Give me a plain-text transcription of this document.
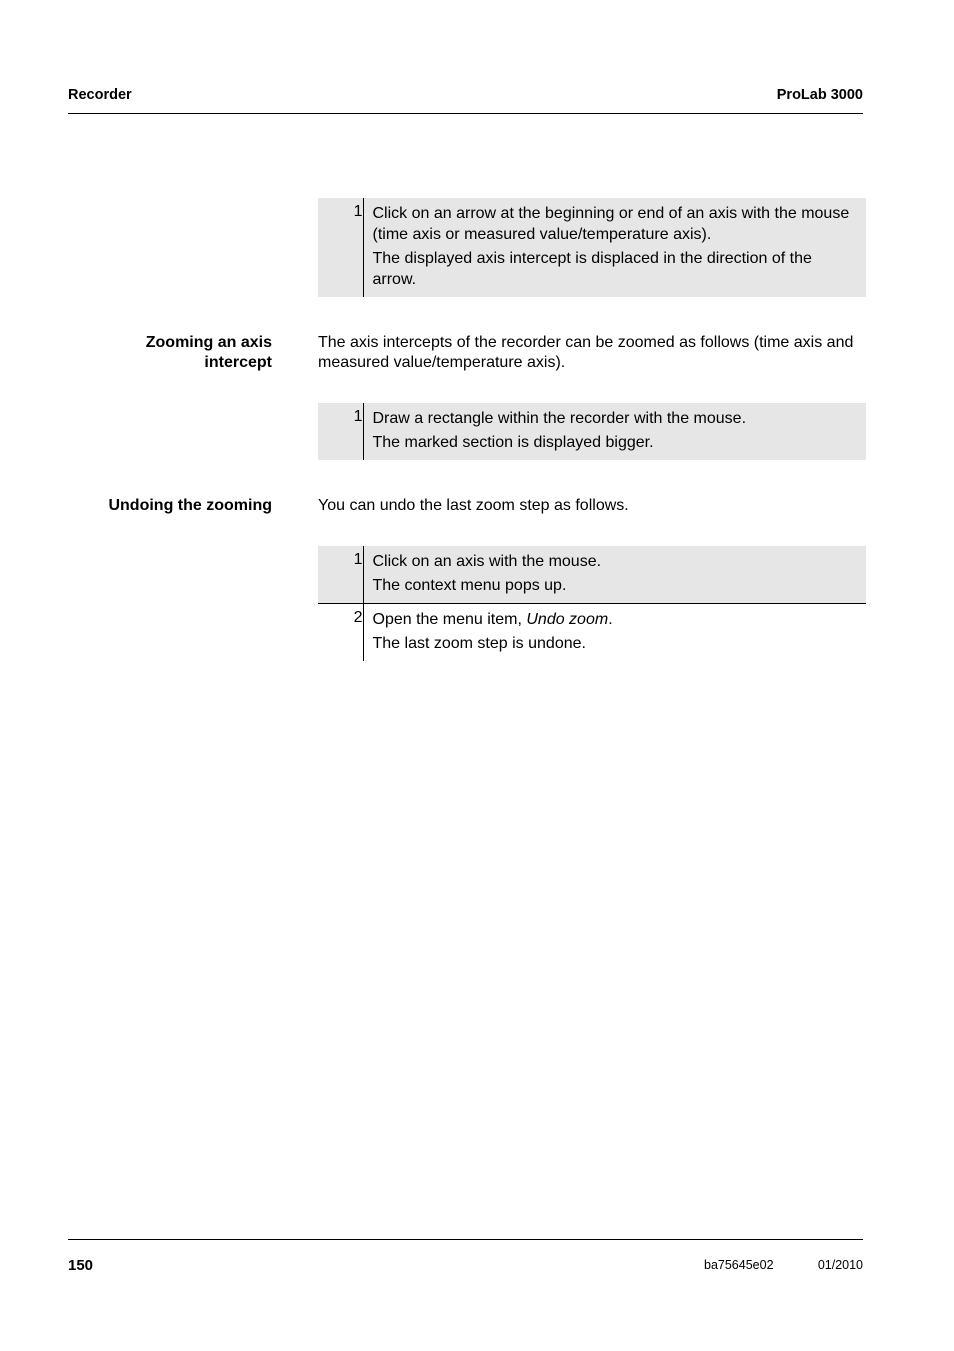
Recorder	ProLab 3000
1	Click on an arrow at the beginning or end of an axis with the mouse (time axis or measured value/temperature axis).
The displayed axis intercept is displaced in the direction of the arrow.
Zooming an axis
intercept
The axis intercepts of the recorder can be zoomed as follows (time axis and measured value/temperature axis).
1	Draw a rectangle within the recorder with the mouse.
The marked section is displayed bigger.
Undoing the zooming	You can undo the last zoom step as follows.
1	Click on an axis with the mouse.
The context menu pops up.

2	Open the menu item, Undo zoom.
The last zoom step is undone.
150	ba75645e02	01/2010
